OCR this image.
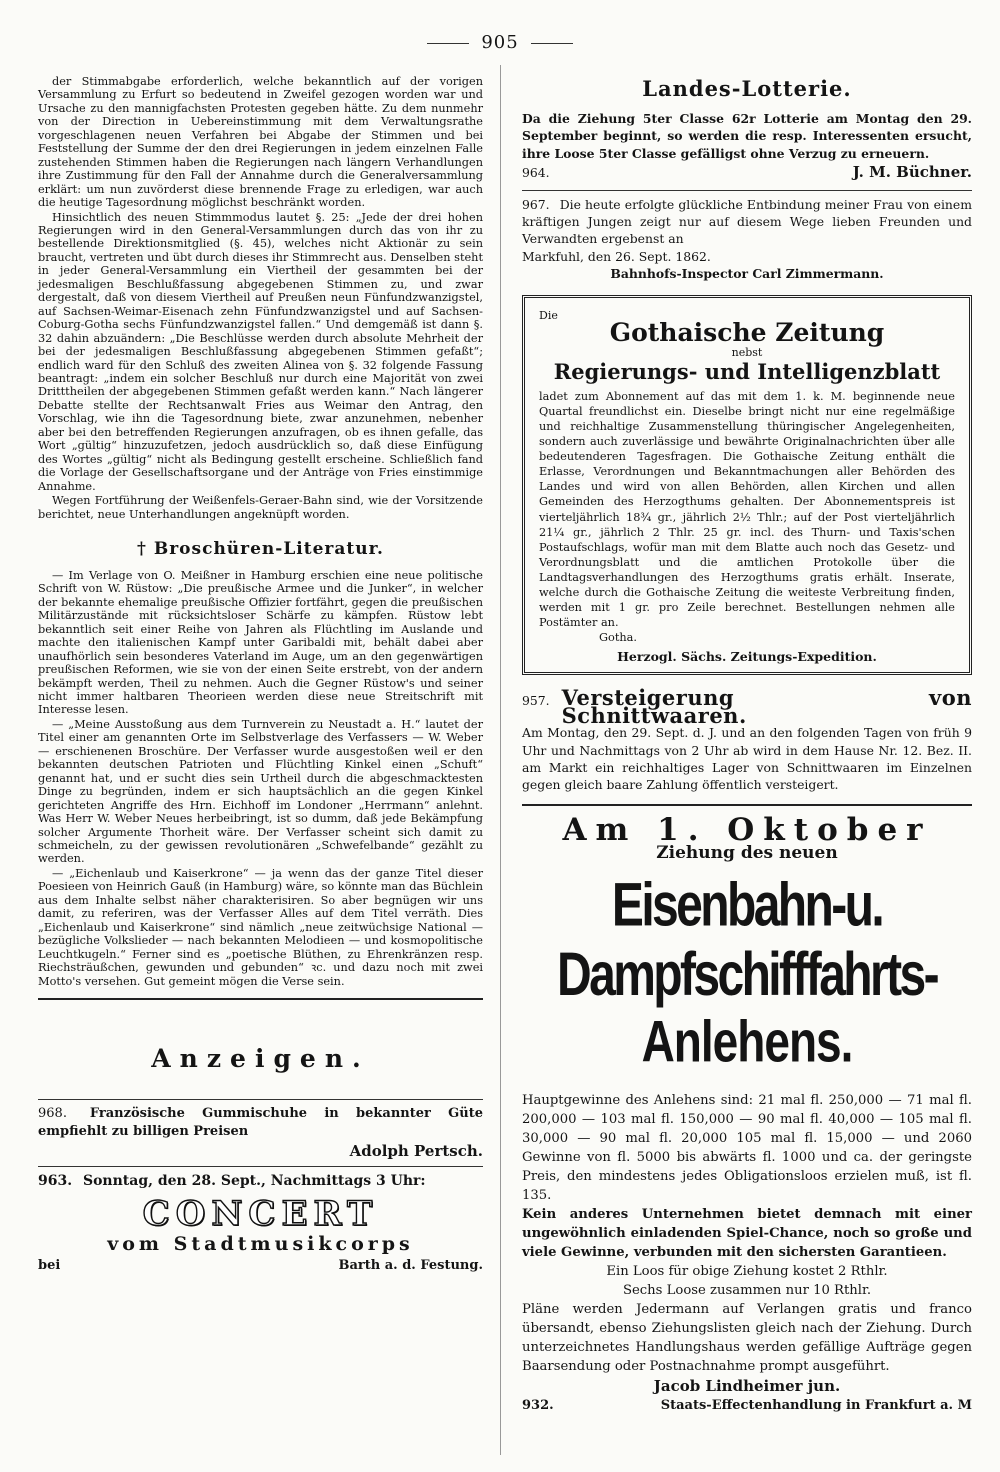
905

der Stimmabgabe erforderlich, welche bekanntlich auf der vorigen Versammlung zu Erfurt so bedeutend in Zweifel gezogen worden war und Ursache zu den mannigfachsten Protesten gegeben hätte. Zu dem nunmehr von der Direction in Uebereinstimmung mit dem Verwaltungsrathe vorgeschlagenen neuen Verfahren bei Abgabe der Stimmen und bei Feststellung der Summe der den drei Regierungen in jedem einzelnen Falle zustehenden Stimmen haben die Regierungen nach längern Verhandlungen ihre Zustimmung für den Fall der Annahme durch die Generalversammlung erklärt: um nun zuvörderst diese brennende Frage zu erledigen, war auch die heutige Tagesordnung möglichst beschränkt worden.

Hinsichtlich des neuen Stimmmodus lautet §. 25: „Jede der drei hohen Regierungen wird in den General-Versammlungen durch das von ihr zu bestellende Direktionsmitglied (§. 45), welches nicht Aktionär zu sein braucht, vertreten und übt durch dieses ihr Stimmrecht aus. Denselben steht in jeder General-Versammlung ein Viertheil der gesammten bei der jedesmaligen Beschlußfassung abgegebenen Stimmen zu, und zwar dergestalt, daß von diesem Viertheil auf Preußen neun Fünfundzwanzigstel, auf Sachsen-Weimar-Eisenach zehn Fünfundzwanzigstel und auf Sachsen-Coburg-Gotha sechs Fünfundzwanzigstel fallen.“ Und demgemäß ist dann §. 32 dahin abzuändern: „Die Beschlüsse werden durch absolute Mehrheit der bei der jedesmaligen Beschlußfassung abgegebenen Stimmen gefaßt“; endlich ward für den Schluß des zweiten Alinea von §. 32 folgende Fassung beantragt: „indem ein solcher Beschluß nur durch eine Majorität von zwei Dritttheilen der abgegebenen Stimmen gefaßt werden kann.“ Nach längerer Debatte stellte der Rechtsanwalt Fries aus Weimar den Antrag, den Vorschlag, wie ihn die Tagesordnung biete, zwar anzunehmen, nebenher aber bei den betreffenden Regierungen anzufragen, ob es ihnen gefalle, das Wort „gültig“ hinzuzufetzen, jedoch ausdrücklich so, daß diese Einfügung des Wortes „gültig“ nicht als Bedingung gestellt erscheine. Schließlich fand die Vorlage der Gesellschaftsorgane und der Anträge von Fries einstimmige Annahme.

Wegen Fortführung der Weißenfels-Geraer-Bahn sind, wie der Vorsitzende berichtet, neue Unterhandlungen angeknüpft worden.

† Broschüren-Literatur.

— Im Verlage von O. Meißner in Hamburg erschien eine neue politische Schrift von W. Rüstow: „Die preußische Armee und die Junker“, in welcher der bekannte ehemalige preußische Offizier fortfährt, gegen die preußischen Militärzustände mit rücksichtsloser Schärfe zu kämpfen. Rüstow lebt bekanntlich seit einer Reihe von Jahren als Flüchtling im Auslande und machte den italienischen Kampf unter Garibaldi mit, behält dabei aber unaufhörlich sein besonderes Vaterland im Auge, um an den gegenwärtigen preußischen Reformen, wie sie von der einen Seite erstrebt, von der andern bekämpft werden, Theil zu nehmen. Auch die Gegner Rüstow's und seiner nicht immer haltbaren Theorieen werden diese neue Streitschrift mit Interesse lesen.

— „Meine Ausstoßung aus dem Turnverein zu Neustadt a. H.“ lautet der Titel einer am genannten Orte im Selbstverlage des Verfassers — W. Weber — erschienenen Broschüre. Der Verfasser wurde ausgestoßen weil er den bekannten deutschen Patrioten und Flüchtling Kinkel einen „Schuft“ genannt hat, und er sucht dies sein Urtheil durch die abgeschmacktesten Dinge zu begründen, indem er sich hauptsächlich an die gegen Kinkel gerichteten Angriffe des Hrn. Eichhoff im Londoner „Herrmann“ anlehnt. Was Herr W. Weber Neues herbeibringt, ist so dumm, daß jede Bekämpfung solcher Argumente Thorheit wäre. Der Verfasser scheint sich damit zu schmeicheln, zu der gewissen revolutionären „Schwefelbande“ gezählt zu werden.

— „Eichenlaub und Kaiserkrone“ — ja wenn das der ganze Titel dieser Poesieen von Heinrich Gauß (in Hamburg) wäre, so könnte man das Büchlein aus dem Inhalte selbst näher charakterisiren. So aber begnügen wir uns damit, zu referiren, was der Verfasser Alles auf dem Titel verräth. Dies „Eichenlaub und Kaiserkrone“ sind nämlich „neue zeitwüchsige National — bezügliche Volkslieder — nach bekannten Melodieen — und kosmopolitische Leuchtkugeln.“ Ferner sind es „poetische Blüthen, zu Ehrenkränzen resp. Riechsträußchen, gewunden und gebunden“ ꝛc. und dazu noch mit zwei Motto's versehen. Gut gemeint mögen die Verse sein.

Anzeigen.
968. Französische Gummischuhe in bekannter Güte empfiehlt zu billigen Preisen
Adolph Pertsch.
963. Sonntag, den 28. Sept., Nachmittags 3 Uhr:
CONCERT
vom Stadtmusikcorps
bei	Barth a. d. Festung.
Landes-Lotterie.

Da die Ziehung 5ter Classe 62r Lotterie am Montag den 29. September beginnt, so werden die resp. Interessenten ersucht, ihre Loose 5ter Classe gefälligst ohne Verzug zu erneuern.

964.	J. M. Büchner.

967. Die heute erfolgte glückliche Entbindung meiner Frau von einem kräftigen Jungen zeigt nur auf diesem Wege lieben Freunden und Verwandten ergebenst an

Markfuhl, den 26. Sept. 1862.

Bahnhofs-Inspector Carl Zimmermann.

Die
Gothaische Zeitung
nebst
Regierungs- und Intelligenzblatt

ladet zum Abonnement auf das mit dem 1. k. M. beginnende neue Quartal freundlichst ein. Dieselbe bringt nicht nur eine regelmäßige und reichhaltige Zusammenstellung thüringischer Angelegenheiten, sondern auch zuverlässige und bewährte Originalnachrichten über alle bedeutenderen Tagesfragen. Die Gothaische Zeitung enthält die Erlasse, Verordnungen und Bekanntmachungen aller Behörden des Landes und wird von allen Behörden, allen Kirchen und allen Gemeinden des Herzogthums gehalten. Der Abonnementspreis ist vierteljährlich 18¾ gr., jährlich 2½ Thlr.; auf der Post vierteljährlich 21¼ gr., jährlich 2 Thlr. 25 gr. incl. des Thurn- und Taxis'schen Postaufschlags, wofür man mit dem Blatte auch noch das Gesetz- und Verordnungsblatt und die amtlichen Protokolle über die Landtagsverhandlungen des Herzogthums gratis erhält. Inserate, welche durch die Gothaische Zeitung die weiteste Verbreitung finden, werden mit 1 gr. pro Zeile berechnet. Bestellungen nehmen alle Postämter an.

Gotha.

Herzogl. Sächs. Zeitungs-Expedition.
957. Versteigerung von Schnittwaaren.

Am Montag, den 29. Sept. d. J. und an den folgenden Tagen von früh 9 Uhr und Nachmittags von 2 Uhr ab wird in dem Hause Nr. 12. Bez. II. am Markt ein reichhaltiges Lager von Schnittwaaren im Einzelnen gegen gleich baare Zahlung öffentlich versteigert.

Am 1. Oktober
Ziehung des neuen
Eisenbahn-u. Dampfschifffahrts-
Anlehens.

Hauptgewinne des Anlehens sind: 21 mal fl. 250,000 — 71 mal fl. 200,000 — 103 mal fl. 150,000 — 90 mal fl. 40,000 — 105 mal fl. 30,000 — 90 mal fl. 20,000 105 mal fl. 15,000 — und 2060 Gewinne von fl. 5000 bis abwärts fl. 1000 und ca. der geringste Preis, den mindestens jedes Obligationsloos erzielen muß, ist fl. 135.

Kein anderes Unternehmen bietet demnach mit einer ungewöhnlich einladenden Spiel-Chance, noch so große und viele Gewinne, verbunden mit den sichersten Garantieen.

Ein Loos für obige Ziehung kostet 2 Rthlr.

Sechs Loose zusammen nur 10 Rthlr.

Pläne werden Jedermann auf Verlangen gratis und franco übersandt, ebenso Ziehungslisten gleich nach der Ziehung. Durch unterzeichnetes Handlungshaus werden gefällige Aufträge gegen Baarsendung oder Postnachnahme prompt ausgeführt.

Jacob Lindheimer jun.
932.	Staats-Effectenhandlung in Frankfurt a. M
